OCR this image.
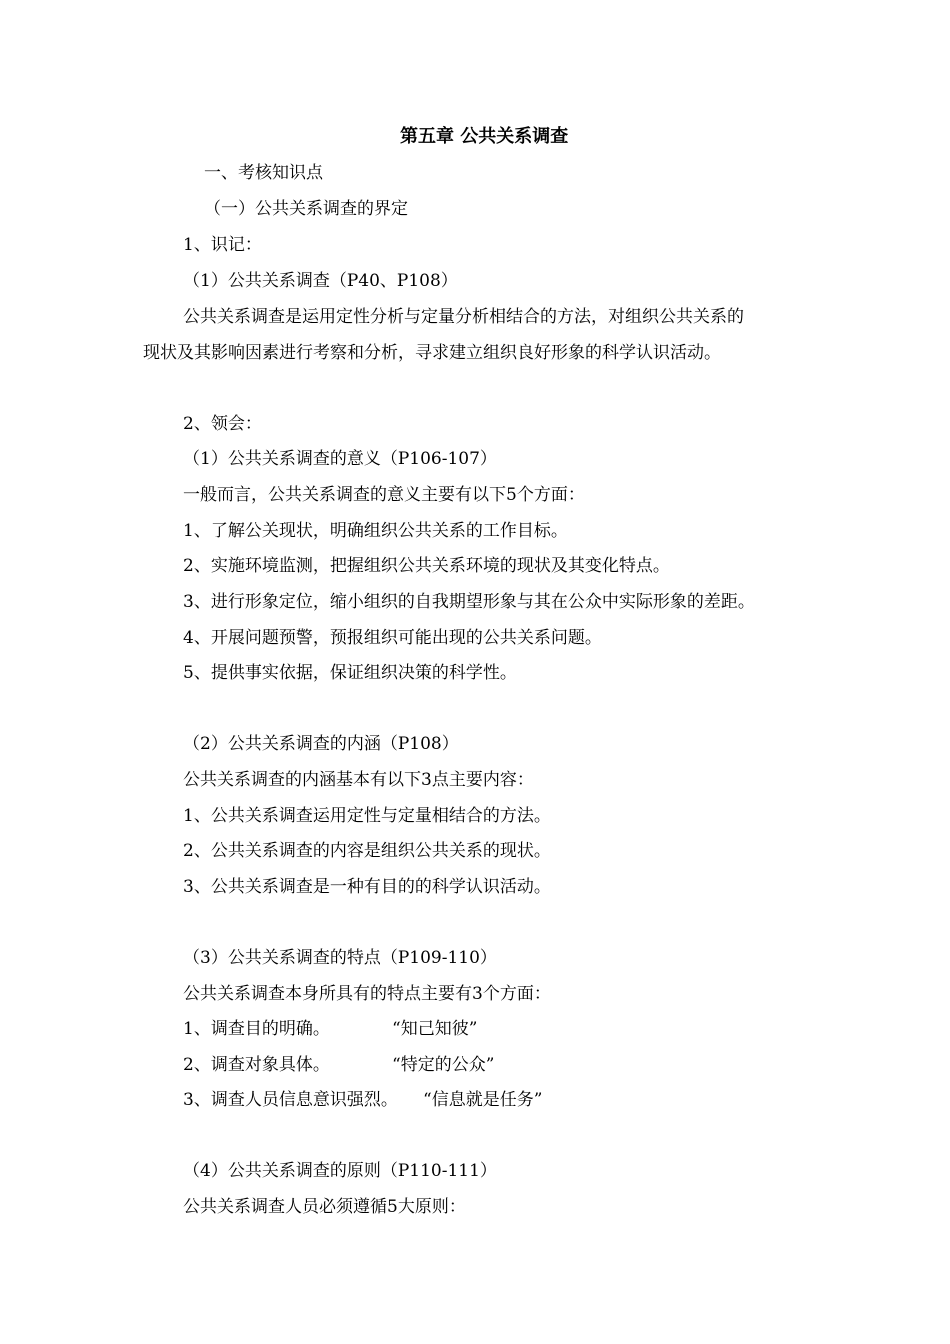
第五章 公共关系调查
一、考核知识点
（一）公共关系调查的界定
1、识记：
（1）公共关系调查（P40、P108）
公共关系调查是运用定性分析与定量分析相结合的方法，对组织公共关系的
现状及其影响因素进行考察和分析，寻求建立组织良好形象的科学认识活动。
2、领会：
（1）公共关系调查的意义（P106-107）
一般而言，公共关系调查的意义主要有以下5个方面：
1、了解公关现状，明确组织公共关系的工作目标。
2、实施环境监测，把握组织公共关系环境的现状及其变化特点。
3、进行形象定位，缩小组织的自我期望形象与其在公众中实际形象的差距。
4、开展问题预警，预报组织可能出现的公共关系问题。
5、提供事实依据，保证组织决策的科学性。
（2）公共关系调查的内涵（P108）
公共关系调查的内涵基本有以下3点主要内容：
1、公共关系调查运用定性与定量相结合的方法。
2、公共关系调查的内容是组织公共关系的现状。
3、公共关系调查是一种有目的的科学认识活动。
（3）公共关系调查的特点（P109-110）
公共关系调查本身所具有的特点主要有3个方面：
1、调查目的明确。	“知己知彼”
2、调查对象具体。	“特定的公众”
3、调查人员信息意识强烈。 “信息就是任务”
（4）公共关系调查的原则（P110-111）
公共关系调查人员必须遵循5大原则：
